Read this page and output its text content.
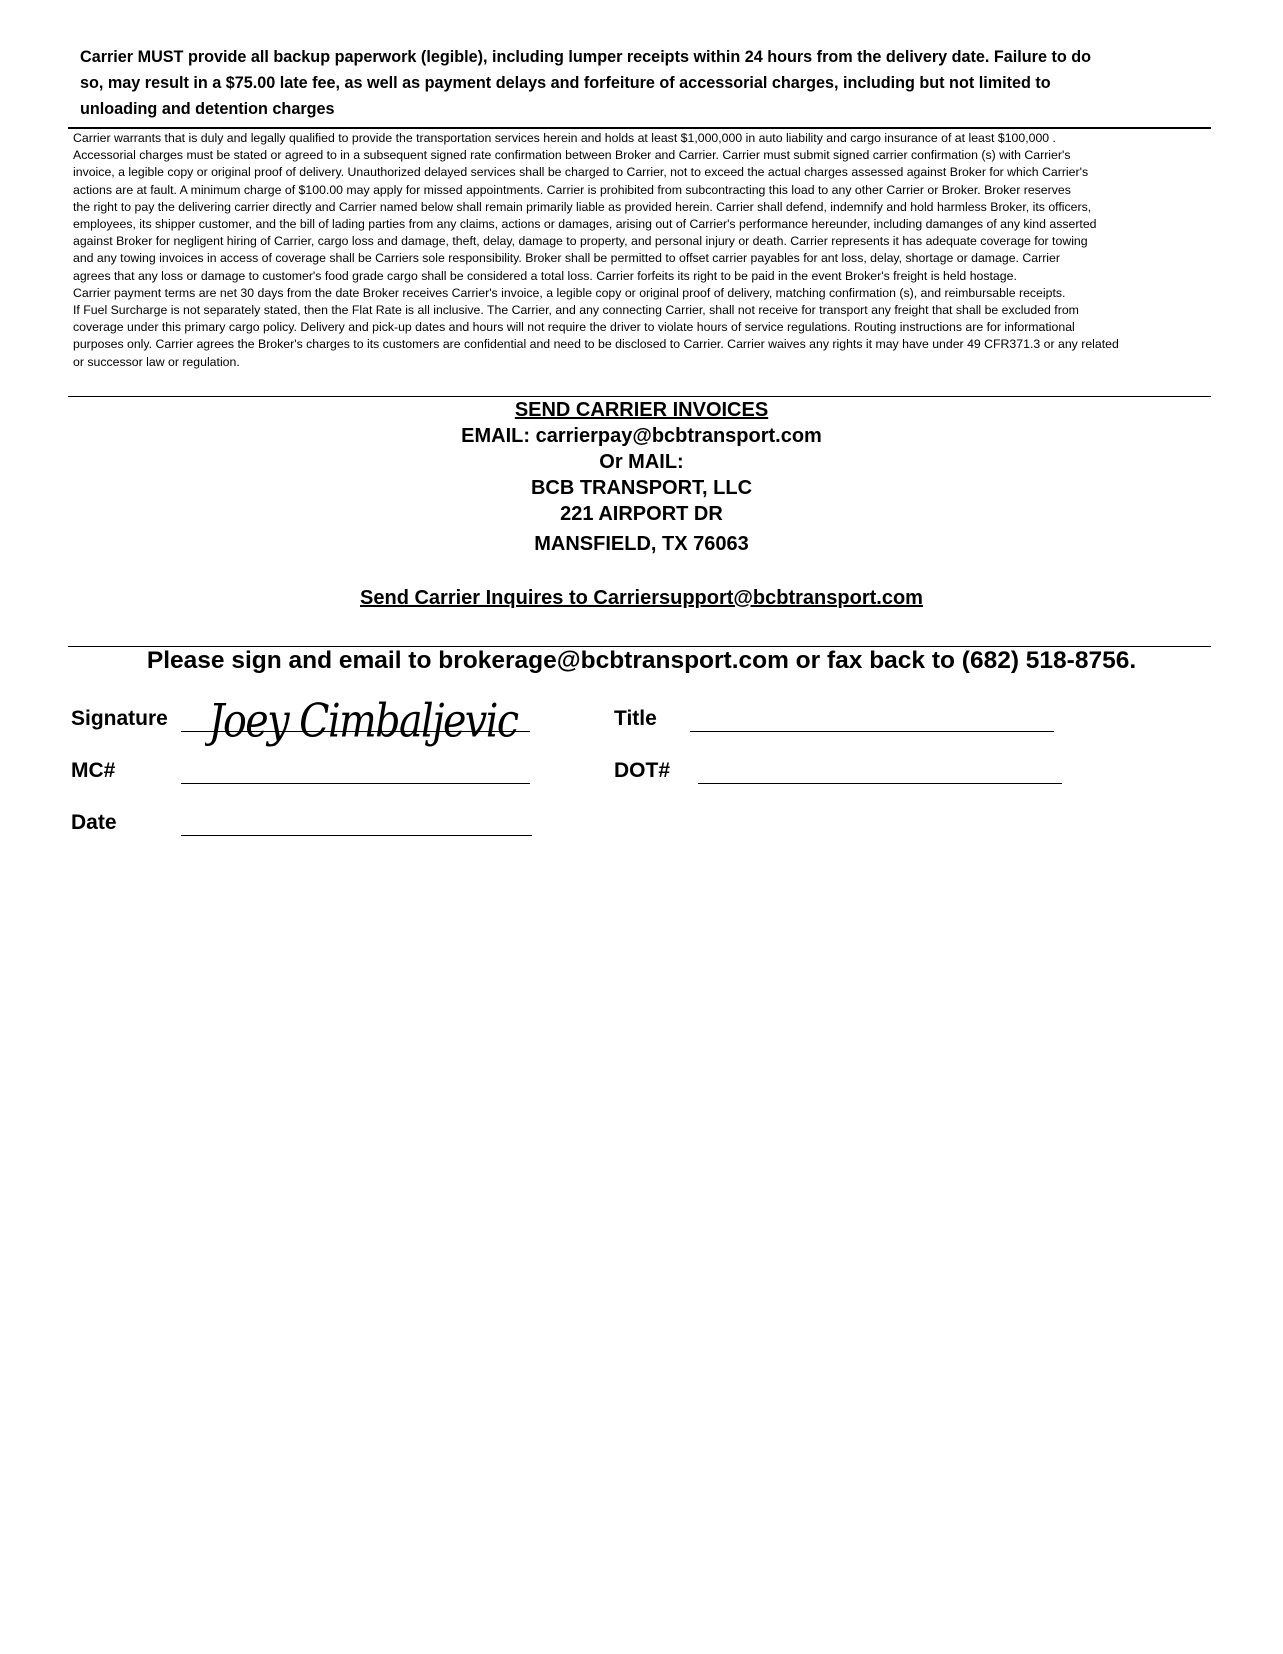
Carrier MUST provide all backup paperwork (legible), including lumper receipts within 24 hours from the delivery date. Failure to do
so, may result in a $75.00 late fee, as well as payment delays and forfeiture of accessorial charges, including but not limited to
unloading and detention charges
Carrier warrants that is duly and legally qualified to provide the transportation services herein and holds at least $1,000,000 in auto liability and cargo insurance of at least $100,000 .
Accessorial charges must be stated or agreed to in a subsequent signed rate confirmation between Broker and Carrier. Carrier must submit signed carrier confirmation (s) with Carrier's
invoice, a legible copy or original proof of delivery. Unauthorized delayed services shall be charged to Carrier, not to exceed the actual charges assessed against Broker for which Carrier's
actions are at fault. A minimum charge of $100.00 may apply for missed appointments. Carrier is prohibited from subcontracting this load to any other Carrier or Broker. Broker reserves
the right to pay the delivering carrier directly and Carrier named below shall remain primarily liable as provided herein. Carrier shall defend, indemnify and hold harmless Broker, its officers,
employees, its shipper customer, and the bill of lading parties from any claims, actions or damages, arising out of Carrier's performance hereunder, including damanges of any kind asserted
against Broker for negligent hiring of Carrier, cargo loss and damage, theft, delay, damage to property, and personal injury or death. Carrier represents it has adequate coverage for towing
and any towing invoices in access of coverage shall be Carriers sole responsibility. Broker shall be permitted to offset carrier payables for ant loss, delay, shortage or damage. Carrier
agrees that any loss or damage to customer's food grade cargo shall be considered a total loss. Carrier forfeits its right to be paid in the event Broker's freight is held hostage.
Carrier payment terms are net 30 days from the date Broker receives Carrier's invoice, a legible copy or original proof of delivery, matching confirmation (s), and reimbursable receipts.
If Fuel Surcharge is not separately stated, then the Flat Rate is all inclusive. The Carrier, and any connecting Carrier, shall not receive for transport any freight that shall be excluded from
coverage under this primary cargo policy. Delivery and pick-up dates and hours will not require the driver to violate hours of service regulations. Routing instructions are for informational
purposes only. Carrier agrees the Broker's charges to its customers are confidential and need to be disclosed to Carrier. Carrier waives any rights it may have under 49 CFR371.3 or any related
or successor law or regulation.
SEND CARRIER INVOICES
EMAIL: carrierpay@bcbtransport.com
Or MAIL:
BCB TRANSPORT, LLC
221 AIRPORT DR
MANSFIELD, TX 76063
Send Carrier Inquires to Carriersupport@bcbtransport.com
Please sign and email to brokerage@bcbtransport.com or fax back to (682) 518-8756.
Signature Joey Cimbaljevic	Title
MC#	DOT#
Date
